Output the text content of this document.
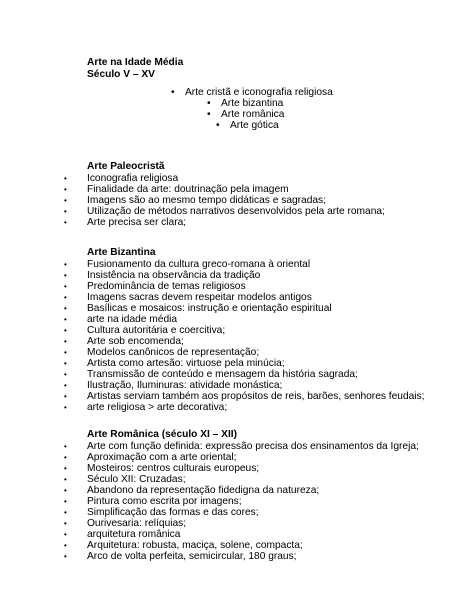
Arte na Idade Média
Século V – XV
• Arte cristã e iconografia religiosa
• Arte bizantina
• Arte românica
• Arte gótica
Arte Paleocristã
• Iconografia religiosa
• Finalidade da arte: doutrinação pela imagem
• Imagens são ao mesmo tempo didáticas e sagradas;
• Utilização de métodos narrativos desenvolvidos pela arte romana;
• Arte precisa ser clara;
Arte Bizantina
• Fusionamento da cultura greco-romana à oriental
• Insistência na observância da tradição
• Predominância de temas religiosos
• Imagens sacras devem respeitar modelos antigos
• Basílicas e mosaicos: instrução e orientação espiritual
• arte na idade média
• Cultura autoritária e coercitiva;
• Arte sob encomenda;
• Modelos canônicos de representação;
• Artista como artesão: virtuose pela minúcia;
• Transmissão de conteúdo e mensagem da história sagrada;
• Ilustração, Iluminuras: atividade monástica;
• Artistas serviam também aos propósitos de reis, barões, senhores feudais;
• arte religiosa > arte decorativa;
Arte Românica (século XI – XII)
• Arte com função definida: expressão precisa dos ensinamentos da Igreja;
• Aproximação com a arte oriental;
• Mosteiros: centros culturais europeus;
• Século XII: Cruzadas;
• Abandono da representação fidedigna da natureza;
• Pintura como escrita por imagens;
• Simplificação das formas e das cores;
• Ourivesaria: relíquias;
• arquitetura românica
• Arquitetura: robusta, maciça, solene, compacta;
• Arco de volta perfeita, semicircular, 180 graus;
